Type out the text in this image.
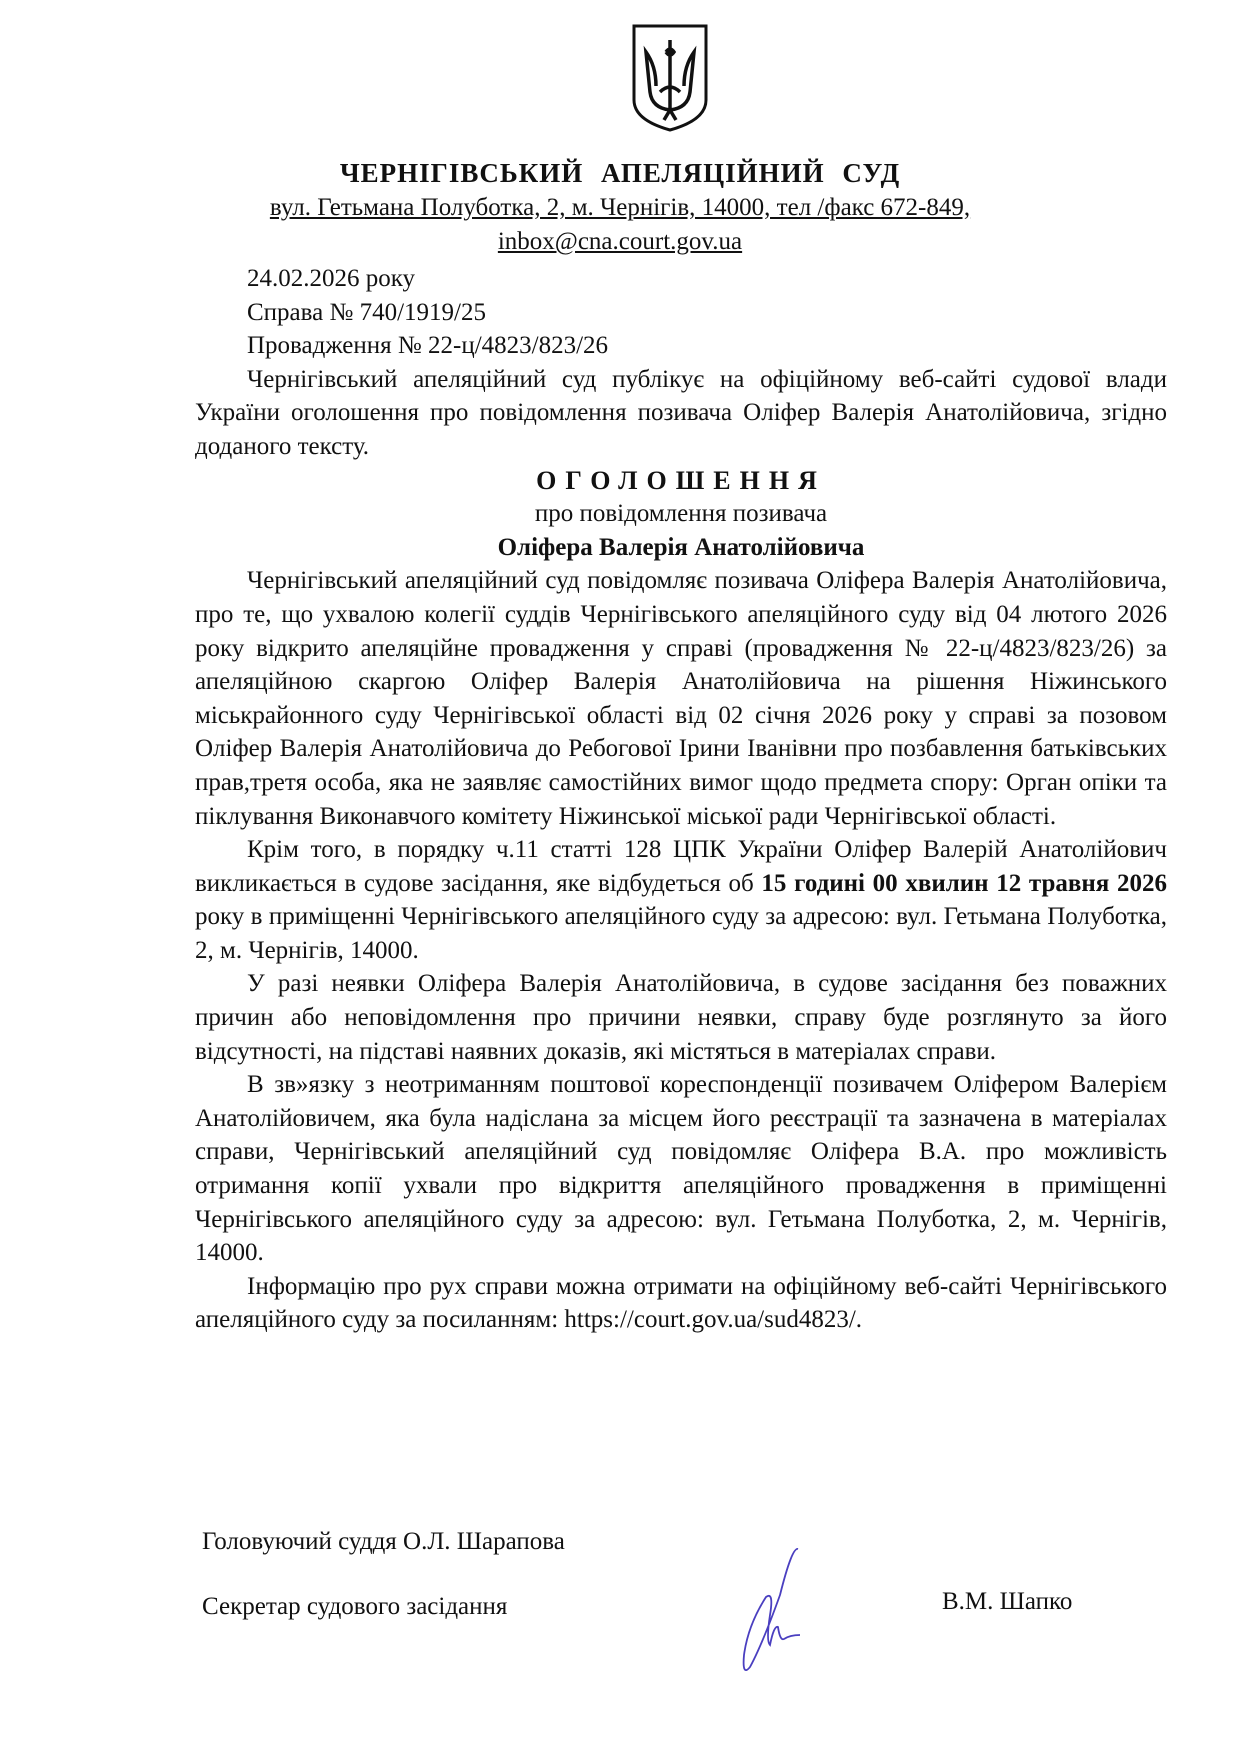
ЧЕРНІГІВСЬКИЙ АПЕЛЯЦІЙНИЙ СУД
вул. Гетьмана Полуботка, 2, м. Чернігів, 14000, тел /факс 672-849,
inbox@cna.court.gov.ua

24.02.2026 року

Справа № 740/1919/25

Провадження № 22-ц/4823/823/26

Чернігівський апеляційний суд публікує на офіційному веб-сайті судової влади України оголошення про повідомлення позивача Оліфер Валерія Анатолійовича, згідно доданого тексту.

ОГОЛОШЕННЯ

про повідомлення позивача

Оліфера Валерія Анатолійовича

Чернігівський апеляційний суд повідомляє позивача Оліфера Валерія Анатолійовича, про те, що ухвалою колегії суддів Чернігівського апеляційного суду від 04 лютого 2026 року відкрито апеляційне провадження у справі (провадження № 22-ц/4823/823/26) за апеляційною скаргою Оліфер Валерія Анатолійовича на рішення Ніжинського міськрайонного суду Чернігівської області від 02 січня 2026 року у справі за позовом Оліфер Валерія Анатолійовича до Ребогової Ірини Іванівни про позбавлення батьківських прав,третя особа, яка не заявляє самостійних вимог щодо предмета спору: Орган опіки та піклування Виконавчого комітету Ніжинської міської ради Чернігівської області.

Крім того, в порядку ч.11 статті 128 ЦПК України Оліфер Валерій Анатолійович викликається в судове засідання, яке відбудеться об 15 годині 00 хвилин 12 травня 2026 року в приміщенні Чернігівського апеляційного суду за адресою: вул. Гетьмана Полуботка, 2, м. Чернігів, 14000.

У разі неявки Оліфера Валерія Анатолійовича, в судове засідання без поважних причин або неповідомлення про причини неявки, справу буде розглянуто за його відсутності, на підставі наявних доказів, які містяться в матеріалах справи.

В зв»язку з неотриманням поштової кореспонденції позивачем Оліфером Валерієм Анатолійовичем, яка була надіслана за місцем його реєстрації та зазначена в матеріалах справи, Чернігівський апеляційний суд повідомляє Оліфера В.А. про можливість отримання копії ухвали про відкриття апеляційного провадження в приміщенні Чернігівського апеляційного суду за адресою: вул. Гетьмана Полуботка, 2, м. Чернігів, 14000.

Інформацію про рух справи можна отримати на офіційному веб-сайті Чернігівського апеляційного суду за посиланням: https://court.gov.ua/sud4823/.

Головуючий суддя О.Л. Шарапова
Секретар судового засідання	В.М. Шапко
